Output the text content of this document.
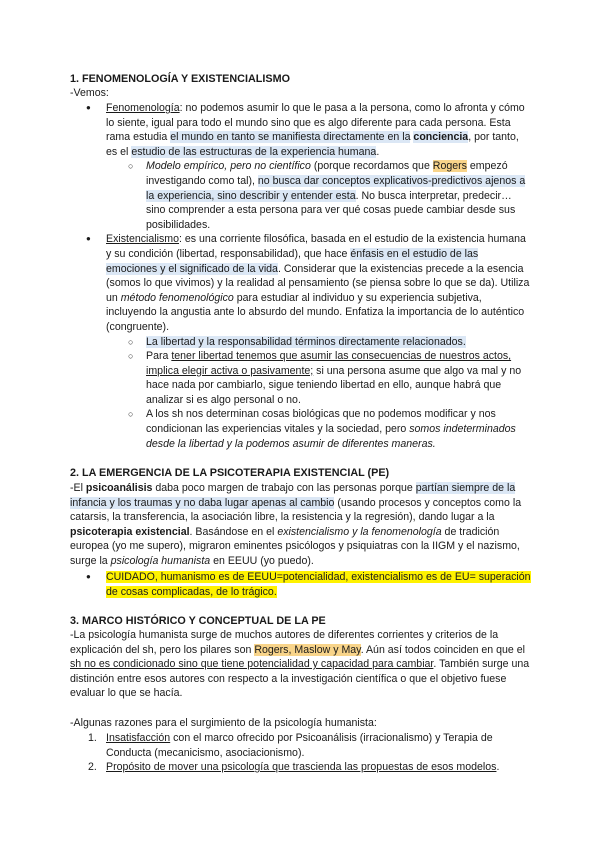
1. FENOMENOLOGÍA Y EXISTENCIALISMO
-Vemos:
● Fenomenología: no podemos asumir lo que le pasa a la persona, como lo afronta y cómo lo siente, igual para todo el mundo sino que es algo diferente para cada persona. Esta rama estudia el mundo en tanto se manifiesta directamente en la conciencia, por tanto, es el estudio de las estructuras de la experiencia humana.
○ Modelo empírico, pero no científico (porque recordamos que Rogers empezó investigando como tal), no busca dar conceptos explicativos-predictivos ajenos a la experiencia, sino describir y entender esta. No busca interpretar, predecir… sino comprender a esta persona para ver qué cosas puede cambiar desde sus posibilidades.
● Existencialismo: es una corriente filosófica, basada en el estudio de la existencia humana y su condición (libertad, responsabilidad), que hace énfasis en el estudio de las emociones y el significado de la vida. Considerar que la existencias precede a la esencia (somos lo que vivimos) y la realidad al pensamiento (se piensa sobre lo que se da). Utiliza un método fenomenológico para estudiar al individuo y su experiencia subjetiva, incluyendo la angustia ante lo absurdo del mundo. Enfatiza la importancia de lo auténtico (congruente).
○ La libertad y la responsabilidad términos directamente relacionados.
○ Para tener libertad tenemos que asumir las consecuencias de nuestros actos, implica elegir activa o pasivamente; si una persona asume que algo va mal y no hace nada por cambiarlo, sigue teniendo libertad en ello, aunque habrá que analizar si es algo personal o no.
○ A los sh nos determinan cosas biológicas que no podemos modificar y nos condicionan las experiencias vitales y la sociedad, pero somos indeterminados desde la libertad y la podemos asumir de diferentes maneras.
2. LA EMERGENCIA DE LA PSICOTERAPIA EXISTENCIAL (PE)
-El psicoanálisis daba poco margen de trabajo con las personas porque partían siempre de la infancia y los traumas y no daba lugar apenas al cambio (usando procesos y conceptos como la catarsis, la transferencia, la asociación libre, la resistencia y la regresión), dando lugar a la psicoterapia existencial. Basándose en el existencialismo y la fenomenología de tradición europea (yo me supero), migraron eminentes psicólogos y psiquiatras con la IIGM y el nazismo, surge la psicología humanista en EEUU (yo puedo).
● CUIDADO, humanismo es de EEUU=potencialidad, existencialismo es de EU= superación de cosas complicadas, de lo trágico.
3. MARCO HISTÓRICO Y CONCEPTUAL DE LA PE
-La psicología humanista surge de muchos autores de diferentes corrientes y criterios de la explicación del sh, pero los pilares son Rogers, Maslow y May. Aún así todos coinciden en que el sh no es condicionado sino que tiene potencialidad y capacidad para cambiar. También surge una distinción entre esos autores con respecto a la investigación científica o que el objetivo fuese evaluar lo que se hacía.
-Algunas razones para el surgimiento de la psicología humanista:
1. Insatisfacción con el marco ofrecido por Psicoanálisis (irracionalismo) y Terapia de Conducta (mecanicismo, asociacionismo).
2. Propósito de mover una psicología que trascienda las propuestas de esos modelos.
